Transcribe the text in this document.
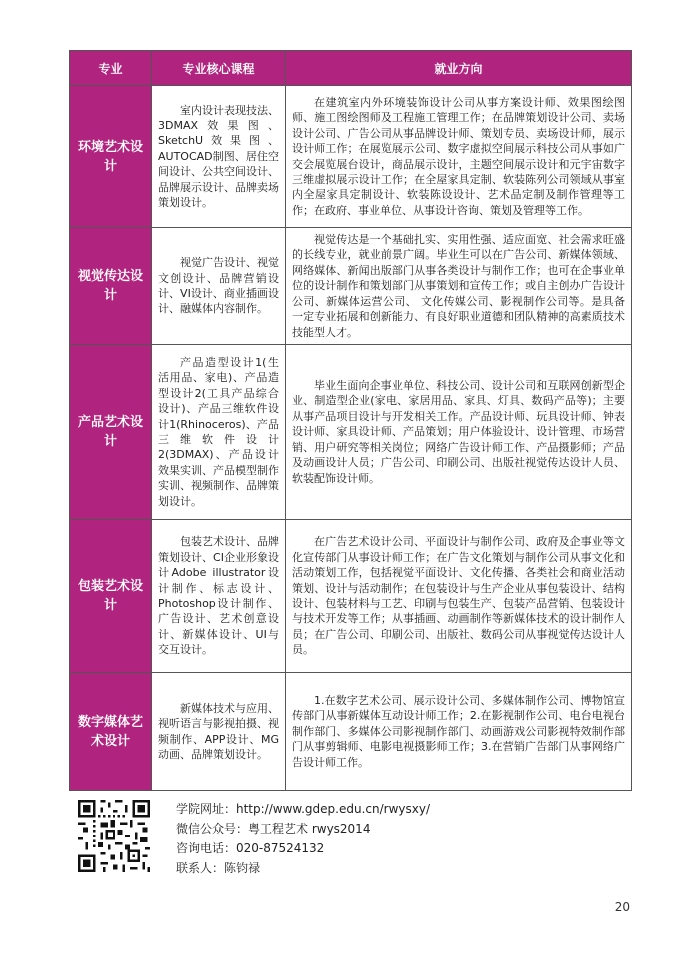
专业	专业核心课程	就业方向
环境艺术设计	室内设计表现技法、3DMAX效果图、SketchU效果图、AUTOCAD制图、居住空间设计、公共空间设计、品牌展示设计、品牌卖场策划设计。	在建筑室内外环境装饰设计公司从事方案设计师、效果图绘图师、施工图绘图师及工程施工管理工作；在品牌策划设计公司、卖场设计公司、广告公司从事品牌设计师、策划专员、卖场设计师，展示设计师工作；在展览展示公司、数字虚拟空间展示科技公司从事如广交会展览展台设计，商品展示设计，主题空间展示设计和元宇宙数字三维虚拟展示设计工作；在全屋家具定制、软装陈列公司领域从事室内全屋家具定制设计、软装陈设设计、艺术品定制及制作管理等工作；在政府、事业单位、从事设计咨询、策划及管理等工作。
视觉传达设计	视觉广告设计、视觉文创设计、品牌营销设计、VI设计、商业插画设计、融媒体内容制作。	视觉传达是一个基础扎实、实用性强、适应面宽、社会需求旺盛的长线专业，就业前景广阔。毕业生可以在广告公司、新媒体领域、网络媒体、新闻出版部门从事各类设计与制作工作；也可在企事业单位的设计制作和策划部门从事策划和宣传工作；或自主创办广告设计公司、新媒体运营公司、 文化传媒公司、影视制作公司等。是具备一定专业拓展和创新能力、有良好职业道德和团队精神的高素质技术技能型人才。
产品艺术设计	产品造型设计1(生活用品、家电)、产品造型设计2(工具产品综合设计)、产品三维软件设计1(Rhinoceros)、产品三维软件设计2(3DMAX)、产品设计效果实训、产品模型制作实训、视频制作、品牌策划设计。	毕业生面向企事业单位、科技公司、设计公司和互联网创新型企业、制造型企业(家电、家居用品、家具、灯具、数码产品等)；主要从事产品项目设计与开发相关工作。产品设计师、玩具设计师、钟表设计师、家具设计师、产品策划；用户体验设计、设计管理、市场营销、用户研究等相关岗位；网络广告设计师工作、产品摄影师；产品及动画设计人员；广告公司、印刷公司、出版社视觉传达设计人员、软装配饰设计师。
包装艺术设计	包装艺术设计、品牌策划设计、CI企业形象设计Adobe illustrator设计制作、标志设计、Photoshop设计制作、广告设计、艺术创意设计、新媒体设计、UI与交互设计。	在广告艺术设计公司、平面设计与制作公司、政府及企事业等文化宣传部门从事设计师工作；在广告文化策划与制作公司从事文化和活动策划工作，包括视觉平面设计、文化传播、各类社会和商业活动策划、设计与活动制作；在包装设计与生产企业从事包装设计、结构设计、包装材料与工艺、印刷与包装生产、包装产品营销、包装设计与技术开发等工作；从事插画、动画制作等新媒体技术的设计制作人员；在广告公司、印刷公司、出版社、数码公司从事视觉传达设计人员。
数字媒体艺术设计	新媒体技术与应用、视听语言与影视拍摄、视频制作、APP设计、MG动画、品牌策划设计。	1.在数字艺术公司、展示设计公司、多媒体制作公司、博物馆宣传部门从事新媒体互动设计师工作；2.在影视制作公司、电台电视台制作部门、多媒体公司影视制作部门、动画游戏公司影视特效制作部门从事剪辑师、电影电视摄影师工作；3.在营销广告部门从事网络广告设计师工作。
学院网址：http://www.gdep.edu.cn/rwysxy/
微信公众号：粤工程艺术 rwys2014
咨询电话：020-87524132
联系人：陈钧禄
20
